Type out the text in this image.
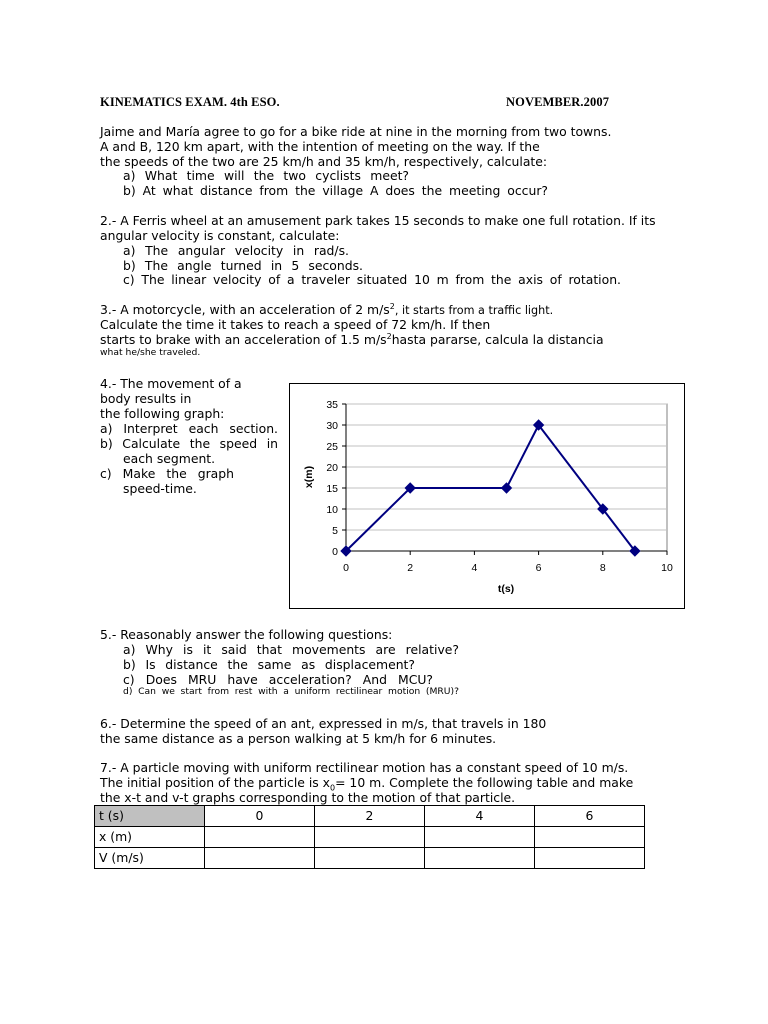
KINEMATICS EXAM. 4th ESO.	NOVEMBER.2007
Jaime and María agree to go for a bike ride at nine in the morning from two towns.
A and B, 120 km apart, with the intention of meeting on the way. If the
the speeds of the two are 25 km/h and 35 km/h, respectively, calculate:
a) What time will the two cyclists meet?
b) At what distance from the village A does the meeting occur?
2.- A Ferris wheel at an amusement park takes 15 seconds to make one full rotation. If its
angular velocity is constant, calculate:
a) The angular velocity in rad/s.
b) The angle turned in 5 seconds.
c) The linear velocity of a traveler situated 10 m from the axis of rotation.
3.- A motorcycle, with an acceleration of 2 $m/s^2$, it starts from a traffic light.
Calculate the time it takes to reach a speed of 72 km/h. If then
starts to brake with an acceleration of 1.5 $m/s^2hasta$ pararse, calcula la distancia
what he/she traveled.
4.- The movement of a
body results in
the following graph:
a) Interpret each section.
b) Calculate the speed in
each segment.
c) Make the graph
speed-time.
0
5
10
15
20
25
30
35
0	2	4	6	8	10
x(m)
t(s)
5.- Reasonably answer the following questions:
a) Why is it said that movements are relative?
b) Is distance the same as displacement?
c) Does MRU have acceleration? And MCU?
d) Can we start from rest with a uniform rectilinear motion (MRU)?
6.- Determine the speed of an ant, expressed in m/s, that travels in 180
the same distance as a person walking at 5 km/h for 6 minutes.
7.- A particle moving with uniform rectilinear motion has a constant speed of 10 m/s.
The initial position of the particle is $x_0= 10$ m. Complete the following table and make
the x-t and v-t graphs corresponding to the motion of that particle.
t (s)	0	2	4	6
x (m)				
V (m/s)				
